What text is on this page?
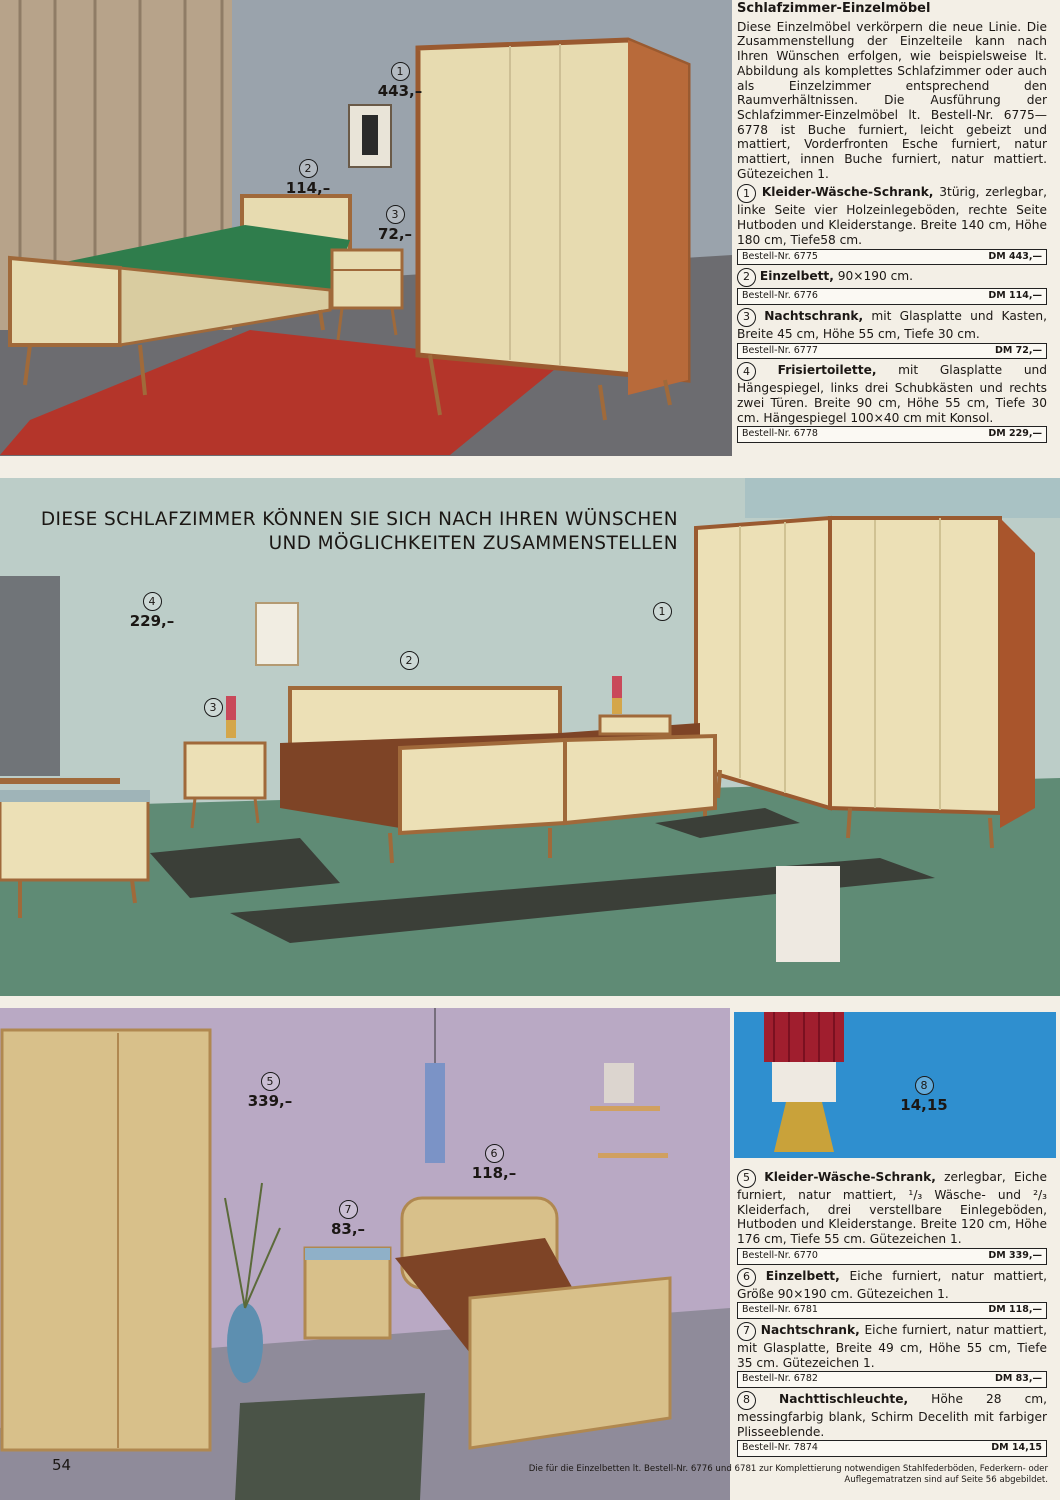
1
443,–
2
114,–
3
72,–
Schlafzimmer-Einzelmöbel
Diese Einzelmöbel verkörpern die neue Linie. Die Zusammenstellung der Einzelteile kann nach Ihren Wünschen erfolgen, wie beispielsweise lt. Abbildung als komplettes Schlafzimmer oder auch als Einzelzimmer entsprechend den Raumverhältnissen. Die Ausführung der Schlafzimmer-Einzelmöbel lt. Bestell-Nr. 6775—6778 ist Buche furniert, leicht gebeizt und mattiert, Vorderfronten Esche furniert, natur mattiert, innen Buche furniert, natur mattiert. Gütezeichen 1.
1 Kleider-Wäsche-Schrank, 3türig, zerlegbar, linke Seite vier Holzeinlegeböden, rechte Seite Hutboden und Kleiderstange. Breite 140 cm, Höhe 180 cm, Tiefe58 cm.
Bestell-Nr. 6775	DM 443,—
2 Einzelbett, 90×190 cm.
Bestell-Nr. 6776	DM 114,—
3 Nachtschrank, mit Glasplatte und Kasten, Breite 45 cm, Höhe 55 cm, Tiefe 30 cm.
Bestell-Nr. 6777	DM 72,—
4 Frisiertoilette, mit Glasplatte und Hängespiegel, links drei Schubkästen und rechts zwei Türen. Breite 90 cm, Höhe 55 cm, Tiefe 30 cm. Hängespiegel 100×40 cm mit Konsol.
Bestell-Nr. 6778	DM 229,—
DIESE SCHLAFZIMMER KÖNNEN SIE SICH NACH IHREN WÜNSCHEN
UND MÖGLICHKEITEN ZUSAMMENSTELLEN
4
229,–
1
2
3
5
339,–
6
118,–
7
83,–
54
8
14,15
5 Kleider-Wäsche-Schrank, zerlegbar, Eiche furniert, natur mattiert, ¹/₃ Wäsche- und ²/₃ Kleiderfach, drei verstellbare Einlegeböden, Hutboden und Kleiderstange. Breite 120 cm, Höhe 176 cm, Tiefe 55 cm. Gütezeichen 1.
Bestell-Nr. 6770	DM 339,—
6 Einzelbett, Eiche furniert, natur mattiert, Größe 90×190 cm. Gütezeichen 1.
Bestell-Nr. 6781	DM 118,—
7 Nachtschrank, Eiche furniert, natur mattiert, mit Glasplatte, Breite 49 cm, Höhe 55 cm, Tiefe 35 cm. Gütezeichen 1.
Bestell-Nr. 6782	DM 83,—
8 Nachttischleuchte, Höhe 28 cm, messingfarbig blank, Schirm Decelith mit farbiger Plisseeblende.
Bestell-Nr. 7874	DM 14,15
Die für die Einzelbetten lt. Bestell-Nr. 6776 und 6781 zur Komplettierung notwendigen Stahlfederböden, Federkern- oder Auflegematratzen sind auf Seite 56 abgebildet.
